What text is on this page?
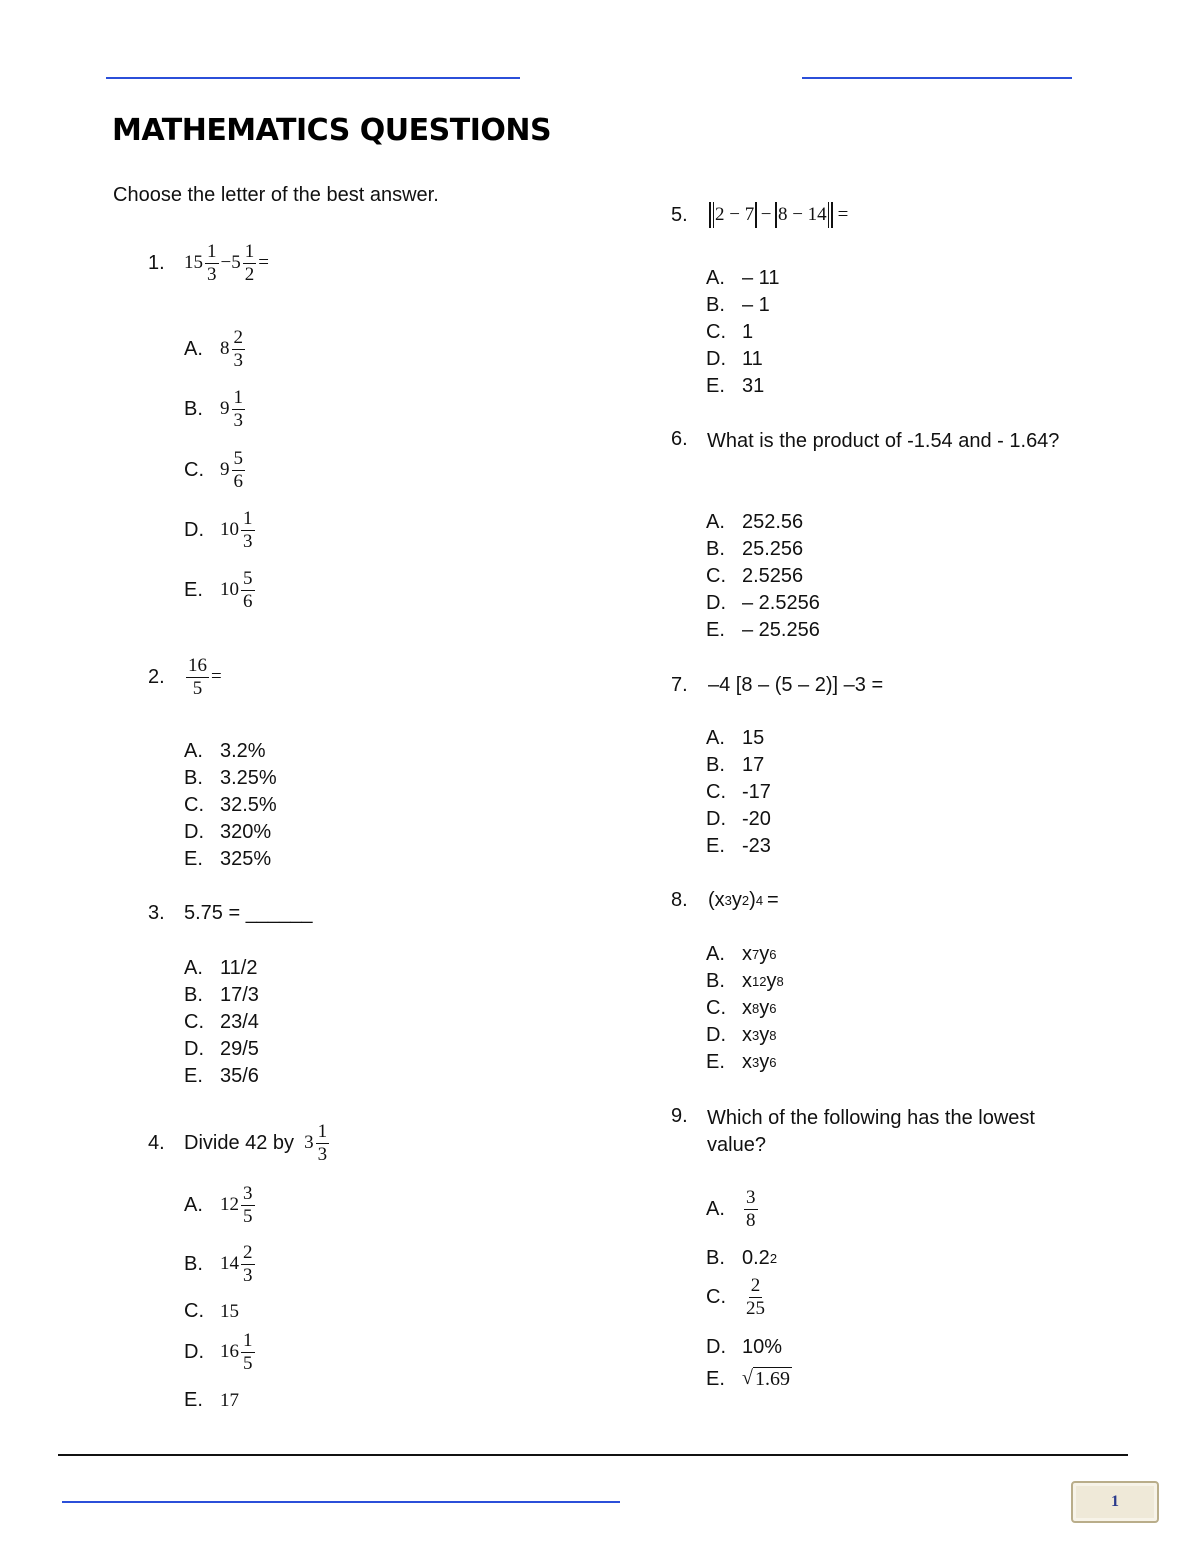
MATHEMATICS QUESTIONS
Choose the letter of the best answer.
1.	$15 \frac{1}{3} - 5 \frac{1}{2}$ =
A. $8 \frac{2}{3}$
B. $9 \frac{1}{3}$
C. $9 \frac{5}{6}$
D. $10 \frac{1}{3}$
E. $10 \frac{5}{6}$
2.	$\frac{16}{5}$ =
A. 3.2%
B. 3.25%
C. 32.5%
D. 320%
E. 325%
3. 5.75 = ______
A. 11/2
B. 17/3
C. 23/4
D. 29/5
E. 35/6
4. Divide 42 by $3 \frac{1}{3}$
A. $12 \frac{3}{5}$
B. $14 \frac{2}{3}$
C. 15
D. $16 \frac{1}{5}$
E. 17
5.	2 − 7 − 8 − 14 =
A. – 11
B. – 1
C. 1
D. 11
E. 31
6. What is the product of -1.54 and - 1.64?
A. 252.56
B. 25.256
C. 2.5256
D. – 2.5256
E. – 25.256
7.	–4 [8 – (5 – 2)] –3 =
A. 15
B. 17
C. -17
D. -20
E. -23
8.	(x 3 y 2 ) 4 =
A. x 7 y 6
B. x 12 y 8
C. x 8 y 6
D. x 3 y 8
E. x 3 y 6
9. Which of the following has the lowest value?
A.	$\frac{3}{8}$
B. 0.2 2
C. $\frac{2}{25}$
D. 10%
E. √ 1.69
1
